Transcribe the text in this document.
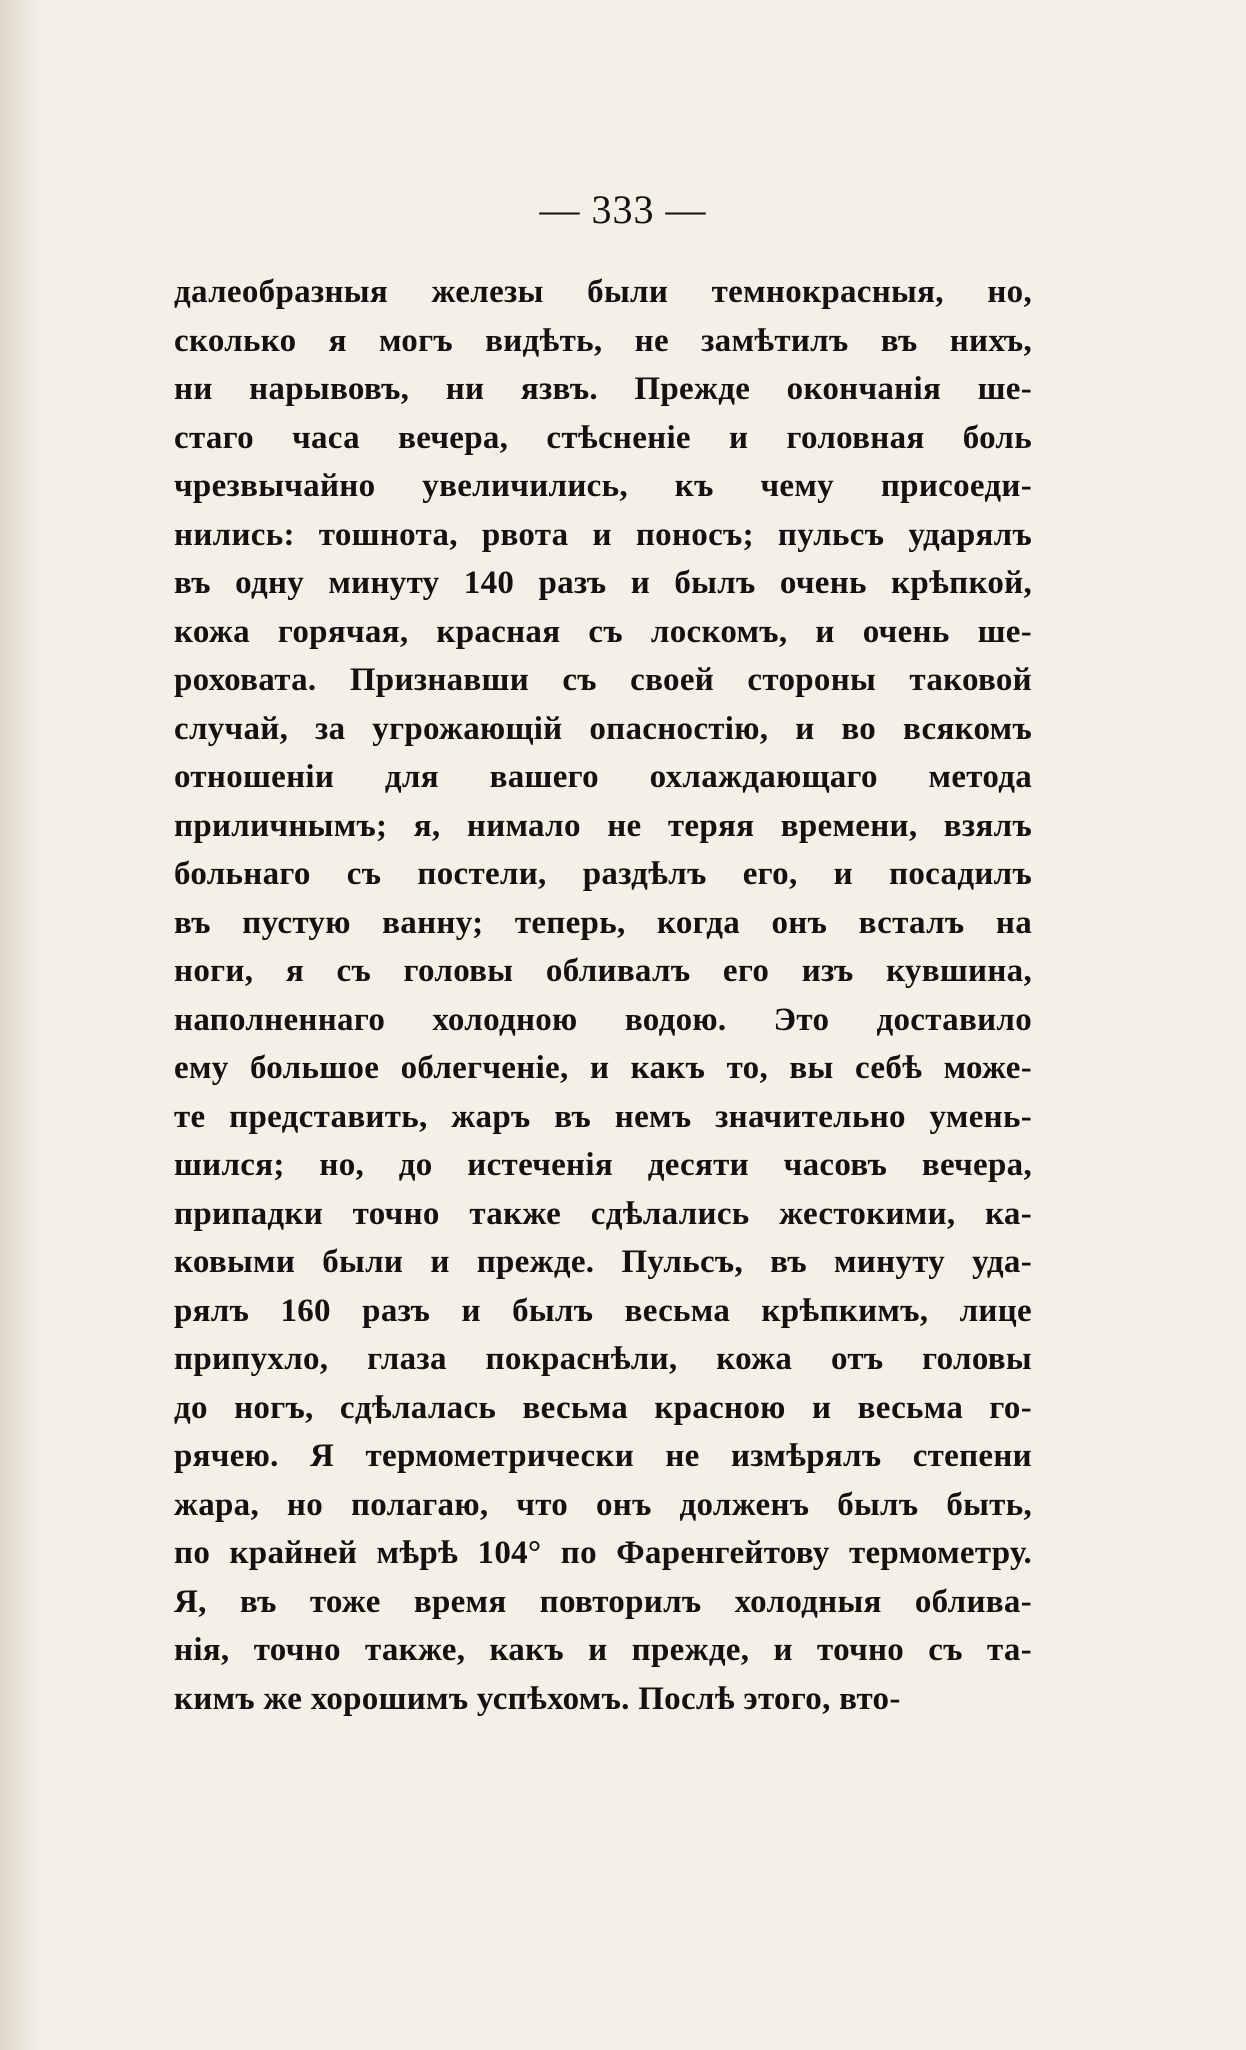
— 333 —
далеобразныя железы были темнокрасныя, но,
сколько я могъ видѣть, не замѣтилъ въ нихъ,
ни нарывовъ, ни язвъ. Прежде окончанія ше-
стаго часа вечера, стѣсненіе и головная боль
чрезвычайно увеличились, къ чему присоеди-
нились: тошнота, рвота и поносъ; пульсъ ударялъ
въ одну минуту 140 разъ и былъ очень крѣпкой,
кожа горячая, красная съ лоскомъ, и очень ше-
роховата. Признавши съ своей стороны таковой
случай, за угрожающій опасностію, и во всякомъ
отношеніи для вашего охлаждающаго метода
приличнымъ; я, нимало не теряя времени, взялъ
больнаго съ постели, раздѣлъ его, и посадилъ
въ пустую ванну; теперь, когда онъ всталъ на
ноги, я съ головы обливалъ его изъ кувшина,
наполненнаго холодною водою. Это доставило
ему большое облегченіе, и какъ то, вы себѣ може-
те представить, жаръ въ немъ значительно умень-
шился; но, до истеченія десяти часовъ вечера,
припадки точно также сдѣлались жестокими, ка-
ковыми были и прежде. Пульсъ, въ минуту уда-
рялъ 160 разъ и былъ весьма крѣпкимъ, лице
припухло, глаза покраснѣли, кожа отъ головы
до ногъ, сдѣлалась весьма красною и весьма го-
рячею. Я термометрически не измѣрялъ степени
жара, но полагаю, что онъ долженъ былъ быть,
по крайней мѣрѣ 104° по Фаренгейтову термометру.
Я, въ тоже время повторилъ холодныя облива-
нія, точно также, какъ и прежде, и точно съ та-
кимъ же хорошимъ успѣхомъ. Послѣ этого, вто-
